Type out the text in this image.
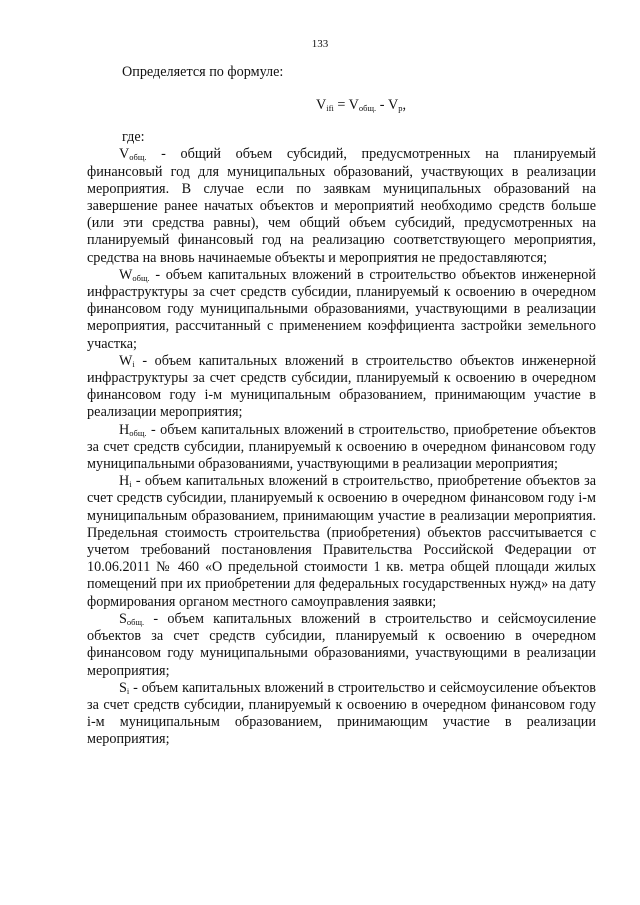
133

Определяется по формуле:

$V_{ifi} = V_{общ.} - V_p$,

где:

$V_{общ.}$ - общий объем субсидий, предусмотренных на планируемый финансовый год для муниципальных образований, участвующих в реализации мероприятия. В случае если по заявкам муниципальных образований на завершение ранее начатых объектов и мероприятий необходимо средств больше (или эти средства равны), чем общий объем субсидий, предусмотренных на планируемый финансовый год на реализацию соответствующего мероприятия, средства на вновь начинаемые объекты и мероприятия не предоставляются;

$W_{общ.}$ - объем капитальных вложений в строительство объектов инженерной инфраструктуры за счет средств субсидии, планируемый к освоению в очередном финансовом году муниципальными образованиями, участвующими в реализации мероприятия, рассчитанный с применением коэффициента застройки земельного участка;

$W_i$ - объем капитальных вложений в строительство объектов инженерной инфраструктуры за счет средств субсидии, планируемый к освоению в очередном финансовом году i-м муниципальным образованием, принимающим участие в реализации мероприятия;

$H_{общ.}$ - объем капитальных вложений в строительство, приобретение объектов за счет средств субсидии, планируемый к освоению в очередном финансовом году муниципальными образованиями, участвующими в реализации мероприятия;

$H_i$ - объем капитальных вложений в строительство, приобретение объектов за счет средств субсидии, планируемый к освоению в очередном финансовом году i-м муниципальным образованием, принимающим участие в реализации мероприятия. Предельная стоимость строительства (приобретения) объектов рассчитывается с учетом требований постановления Правительства Российской Федерации от 10.06.2011 № 460 «О предельной стоимости 1 кв. метра общей площади жилых помещений при их приобретении для федеральных государственных нужд» на дату формирования органом местного самоуправления заявки;

$S_{общ.}$ - объем капитальных вложений в строительство и сейсмоусиление объектов за счет средств субсидии, планируемый к освоению в очередном финансовом году муниципальными образованиями, участвующими в реализации мероприятия;

$S_i$ - объем капитальных вложений в строительство и сейсмоусиление объектов за счет средств субсидии, планируемый к освоению в очередном финансовом году i-м муниципальным образованием, принимающим участие в реализации мероприятия;
